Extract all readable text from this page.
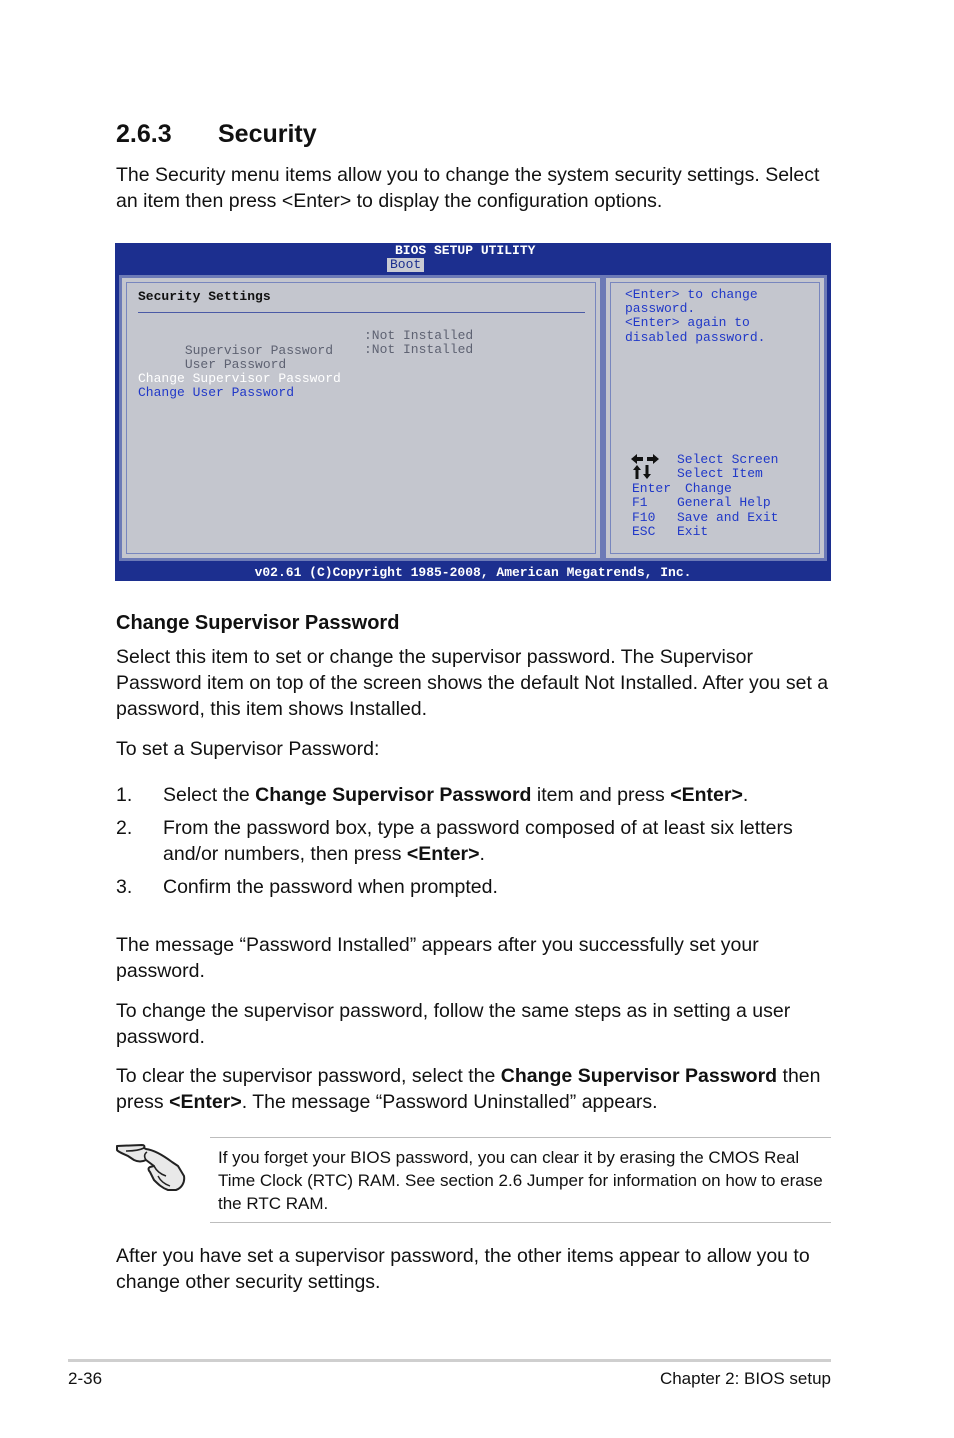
2.6.3 Security

The Security menu items allow you to change the system security settings. Select an item then press <Enter> to display the configuration options.

BIOS SETUP UTILITY
Boot
Security Settings

Supervisor Password

:Not Installed

User Password

:Not Installed
Change Supervisor Password
Change User Password
<Enter> to change
password.
<Enter> again to
disabled password.
Select Screen
Select Item
Enter Change
F1 General Help
F10 Save and Exit
ESC Exit
v02.61 (C)Copyright 1985-2008, American Megatrends, Inc.
Change Supervisor Password

Select this item to set or change the supervisor password. The Supervisor Password item on top of the screen shows the default Not Installed. After you set a password, this item shows Installed.

To set a Supervisor Password:

1. Select the Change Supervisor Password item and press <Enter>.
2. From the password box, type a password composed of at least six letters and/or numbers, then press <Enter>.
3. Confirm the password when prompted.

The message “Password Installed” appears after you successfully set your password.

To change the supervisor password, follow the same steps as in setting a user password.

To clear the supervisor password, select the Change Supervisor Password then press <Enter>. The message “Password Uninstalled” appears.

If you forget your BIOS password, you can clear it by erasing the CMOS Real Time Clock (RTC) RAM. See section 2.6 Jumper for information on how to erase the RTC RAM.

After you have set a supervisor password, the other items appear to allow you to change other security settings.

2-36	Chapter 2: BIOS setup
